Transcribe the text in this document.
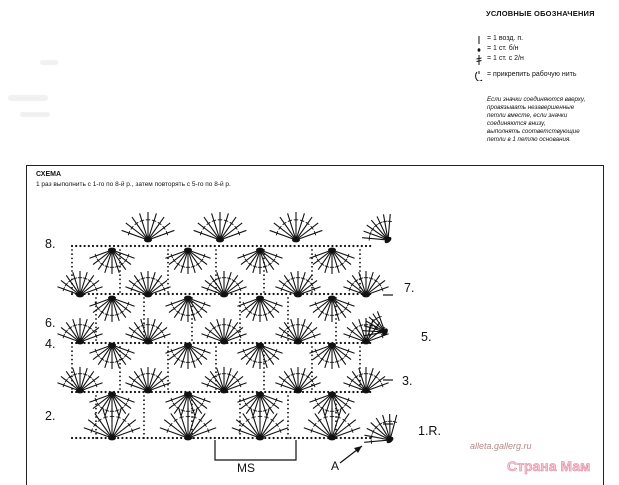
УСЛОВНЫЕ ОБОЗНАЧЕНИЯ
= 1 возд. п.
= 1 ст. б/н
= 1 ст. с 2/н
= прикрепить рабочую нить
Если значки соединяются вверху,
провязывать незавершенные
петли вместе, если значки
соединяются внизу,
выполнять соответствующие
петли в 1 петлю основания.
СХЕМА
1 раз выполнить с 1-го по 8-й р., затем повторять с 5-го по 8-й р.
8.
7.
6.
5.
4.
3.
2.
1.R.
MS	A
alleta.gallerg.ru
Страна Мам
